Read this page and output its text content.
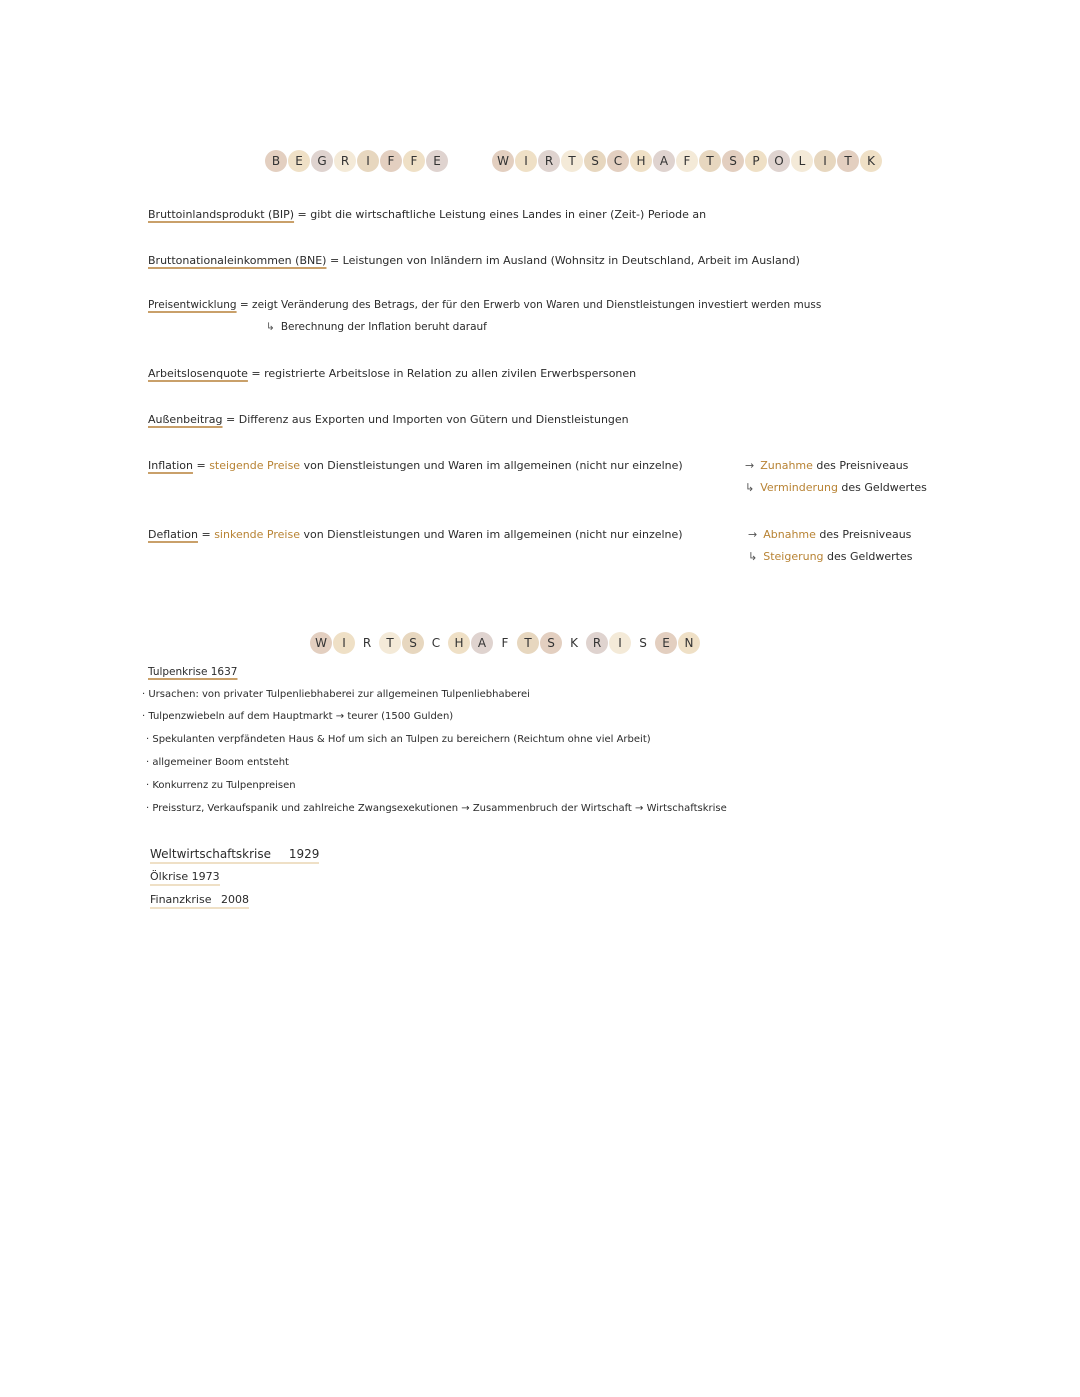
B	E	G	R	I	F	F	E	W	I	R	T	S	C	H	A	F	T	S	P	O	L	I	T	K
Bruttoinlandsprodukt (BIP) = gibt die wirtschaftliche Leistung eines Landes in einer (Zeit-) Periode an
Bruttonationaleinkommen (BNE) = Leistungen von Inländern im Ausland (Wohnsitz in Deutschland, Arbeit im Ausland)
Preisentwicklung = zeigt Veränderung des Betrags, der für den Erwerb von Waren und Dienstleistungen investiert werden muss
↳ Berechnung der Inflation beruht darauf
Arbeitslosenquote = registrierte Arbeitslose in Relation zu allen zivilen Erwerbspersonen
Außenbeitrag = Differenz aus Exporten und Importen von Gütern und Dienstleistungen
Inflation = steigende Preise von Dienstleistungen und Waren im allgemeinen (nicht nur einzelne)	→ Zunahme des Preisniveaus
↳ Verminderung des Geldwertes
Deflation = sinkende Preise von Dienstleistungen und Waren im allgemeinen (nicht nur einzelne)	→ Abnahme des Preisniveaus
↳ Steigerung des Geldwertes
W	I	R	T	S	C	H	A	F	T	S	K	R	I	S	E	N
Tulpenkrise 1637
· Ursachen: von privater Tulpenliebhaberei zur allgemeinen Tulpenliebhaberei
· Tulpenzwiebeln auf dem Hauptmarkt → teurer (1500 Gulden)
· Spekulanten verpfändeten Haus & Hof um sich an Tulpen zu bereichern (Reichtum ohne viel Arbeit)
· allgemeiner Boom entsteht
· Konkurrenz zu Tulpenpreisen
· Preissturz, Verkaufspanik und zahlreiche Zwangsexekutionen → Zusammenbruch der Wirtschaft → Wirtschaftskrise
Weltwirtschaftskrise 1929
Ölkrise 1973
Finanzkrise 2008
